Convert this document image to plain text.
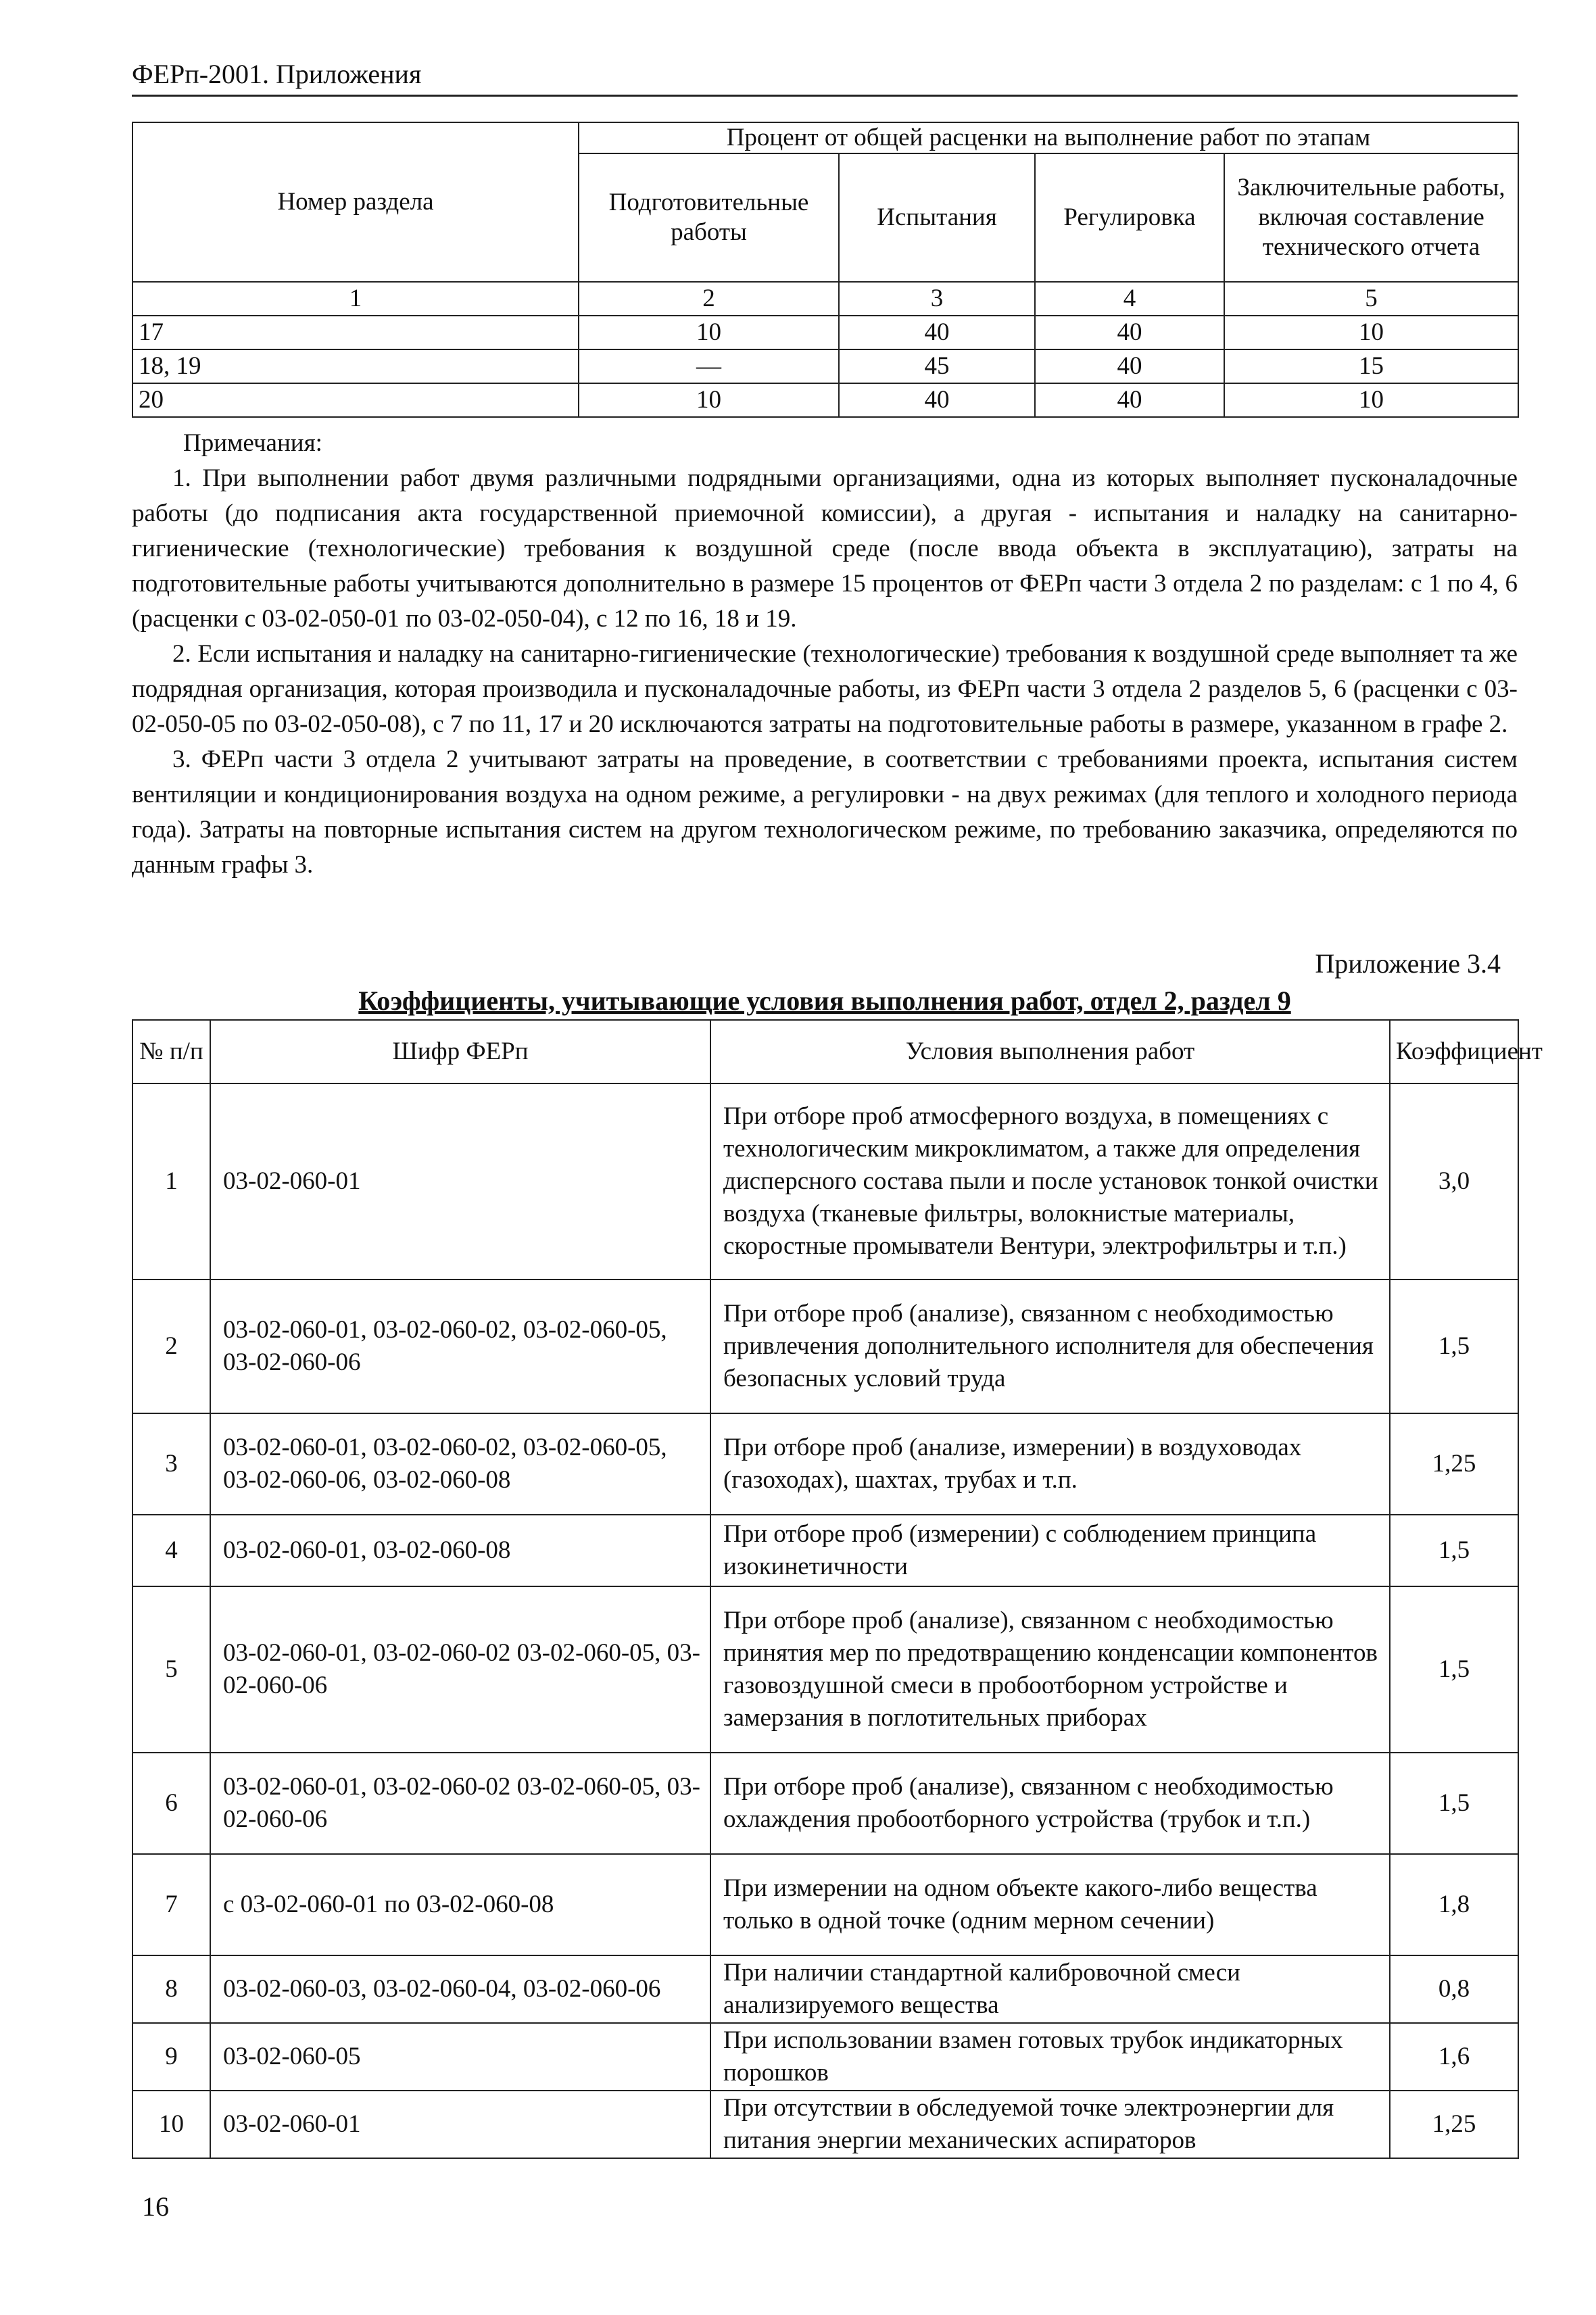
ФЕРп-2001. Приложения
Номер раздела	Процент от общей расценки на выполнение работ по этапам			
	Подготовительные работы	Испытания	Регулировка	Заключительные работы, включая составление технического отчета
1	2	3	4	5
17	10	40	40	10
18, 19	—	45	40	15
20	10	40	40	10

Примечания:

1. При выполнении работ двумя различными подрядными организациями, одна из которых выполняет пусконаладочные работы (до подписания акта государственной приемочной комиссии), а другая - испытания и наладку на санитарно-гигиенические (технологические) требования к воздушной среде (после ввода объекта в эксплуатацию), затраты на подготовительные работы учитываются дополнительно в размере 15 процентов от ФЕРп части 3 отдела 2 по разделам: с 1 по 4, 6 (расценки с 03-02-050-01 по 03-02-050-04), с 12 по 16, 18 и 19.

2. Если испытания и наладку на санитарно-гигиенические (технологические) требования к воздушной среде выполняет та же подрядная организация, которая производила и пусконаладочные работы, из ФЕРп части 3 отдела 2 разделов 5, 6 (расценки с 03-02-050-05 по 03-02-050-08), с 7 по 11, 17 и 20 исключаются затраты на подготовительные работы в размере, указанном в графе 2.

3. ФЕРп части 3 отдела 2 учитывают затраты на проведение, в соответствии с требованиями проекта, испытания систем вентиляции и кондиционирования воздуха на одном режиме, а регулировки - на двух режимах (для теплого и холодного периода года). Затраты на повторные испытания систем на другом технологическом режиме, по требованию заказчика, определяются по данным графы 3.

Приложение 3.4
Коэффициенты, учитывающие условия выполнения работ, отдел 2, раздел 9
№ п/п	Шифр ФЕРп	Условия выполнения работ	Коэффициент
1	03-02-060-01	При отборе проб атмосферного воздуха, в помещениях с технологическим микроклиматом, а также для определения дисперсного состава пыли и после установок тонкой очистки воздуха (тканевые фильтры, волокнистые материалы, скоростные промыватели Вентури, электрофильтры и т.п.)	3,0
2	03-02-060-01, 03-02-060-02, 03-02-060-05, 03-02-060-06	При отборе проб (анализе), связанном с необходимостью привлечения дополнительного исполнителя для обеспечения безопасных условий труда	1,5
3	03-02-060-01, 03-02-060-02, 03-02-060-05, 03-02-060-06, 03-02-060-08	При отборе проб (анализе, измерении) в воздуховодах (газоходах), шахтах, трубах и т.п.	1,25
4	03-02-060-01, 03-02-060-08	При отборе проб (измерении) с соблюдением принципа изокинетичности	1,5
5	03-02-060-01, 03-02-060-02 03-02-060-05, 03-02-060-06	При отборе проб (анализе), связанном с необходимостью принятия мер по предотвращению конденсации компонентов газовоздушной смеси в пробоотборном устройстве и замерзания в поглотительных приборах	1,5
6	03-02-060-01, 03-02-060-02 03-02-060-05, 03-02-060-06	При отборе проб (анализе), связанном с необходимостью охлаждения пробоотборного устройства (трубок и т.п.)	1,5
7	с 03-02-060-01 по 03-02-060-08	При измерении на одном объекте какого-либо вещества только в одной точке (одним мерном сечении)	1,8
8	03-02-060-03, 03-02-060-04, 03-02-060-06	При наличии стандартной калибровочной смеси анализируемого вещества	0,8
9	03-02-060-05	При использовании взамен готовых трубок индикаторных порошков	1,6
10	03-02-060-01	При отсутствии в обследуемой точке электроэнергии для питания энергии механических аспираторов	1,25
16
